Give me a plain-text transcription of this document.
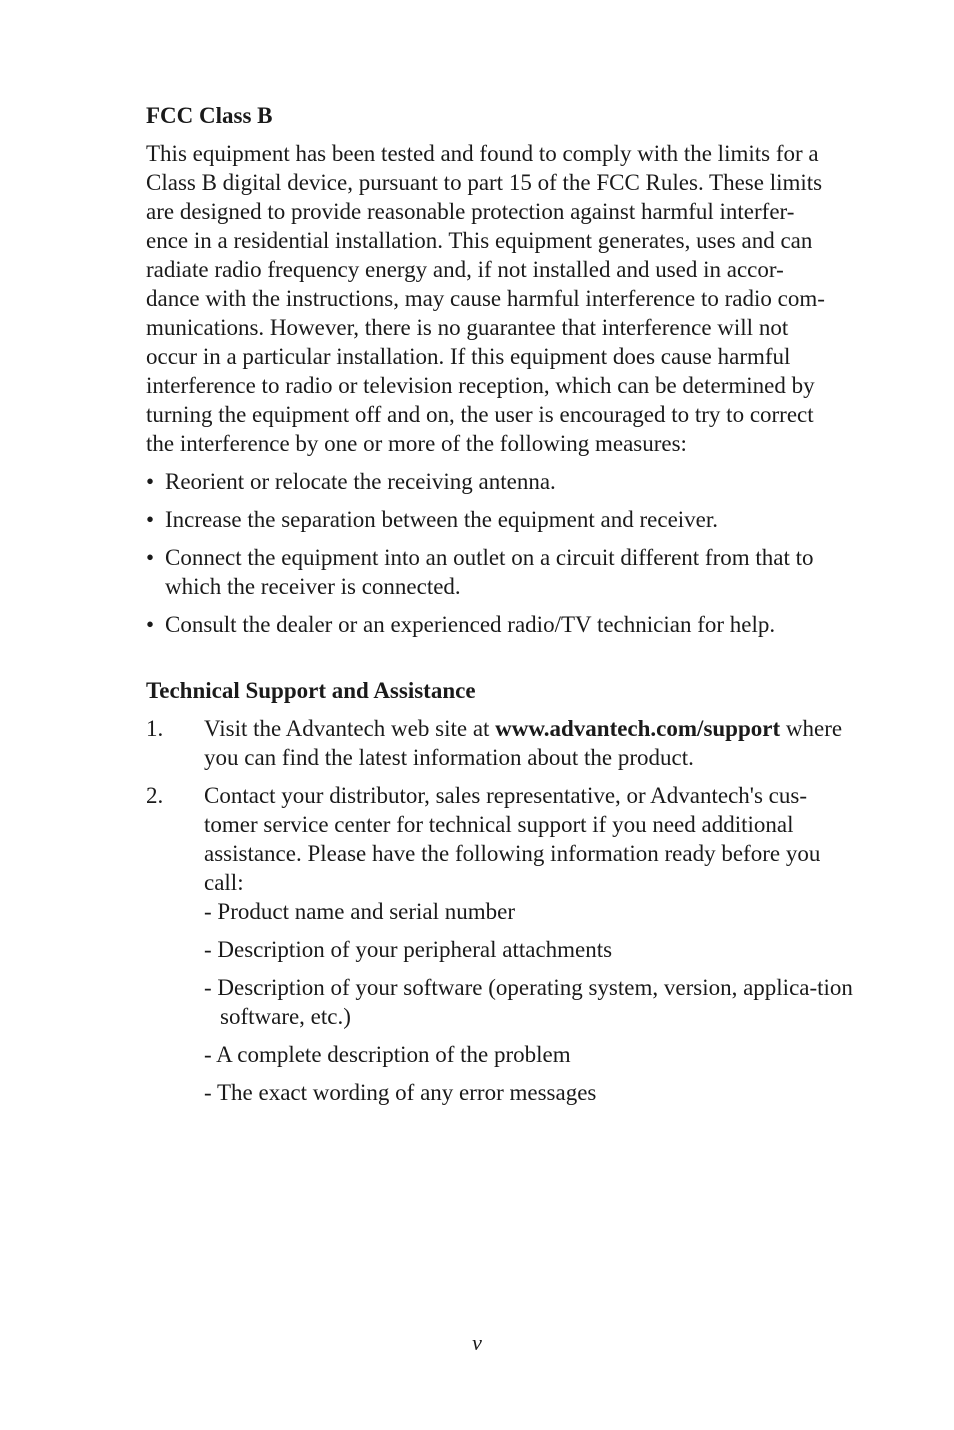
FCC Class B

This equipment has been tested and found to comply with the limits for a
Class B digital device, pursuant to part 15 of the FCC Rules. These limits
are designed to provide reasonable protection against harmful interfer-
ence in a residential installation. This equipment generates, uses and can
radiate radio frequency energy and, if not installed and used in accor-
dance with the instructions, may cause harmful interference to radio com-
munications. However, there is no guarantee that interference will not
occur in a particular installation. If this equipment does cause harmful
interference to radio or television reception, which can be determined by
turning the equipment off and on, the user is encouraged to try to correct
the interference by one or more of the following measures:

• Reorient or relocate the receiving antenna.
• Increase the separation between the equipment and receiver.
• Connect the equipment into an outlet on a circuit different from that to which the receiver is connected.
• Consult the dealer or an experienced radio/TV technician for help.
Technical Support and Assistance
1. Visit the Advantech web site at www.advantech.com/support where you can find the latest information about the product.
2. Contact your distributor, sales representative, or Advantech's cus-tomer service center for technical support if you need additional assistance. Please have the following information ready before you call:
- Product name and serial number
- Description of your peripheral attachments
- Description of your software (operating system, version, applica-tion software, etc.)
- A complete description of the problem
- The exact wording of any error messages
v
